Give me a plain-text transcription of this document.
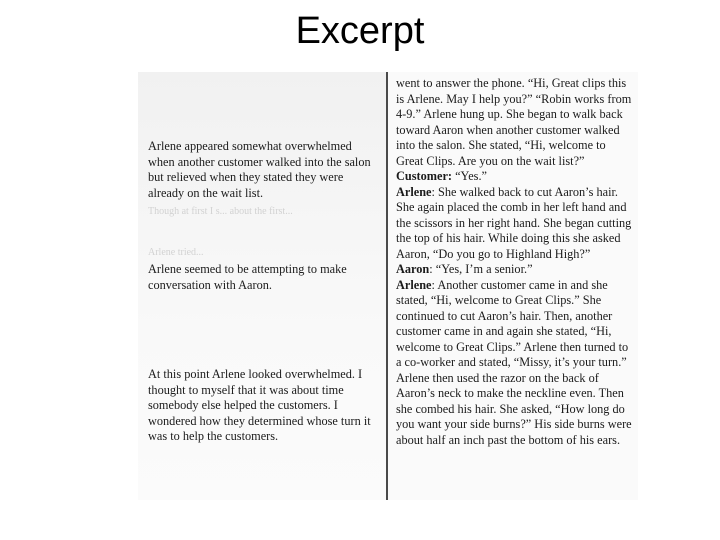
Excerpt

Arlene appeared somewhat overwhelmed when another customer walked into the salon but relieved when they stated they were already on the wait list.

Though at first I s... about the first...

Arlene tried...

Arlene seemed to be attempting to make conversation with Aaron.

At this point Arlene looked overwhelmed. I thought to myself that it was about time somebody else helped the customers. I wondered how they determined whose turn it was to help the customers.

went to answer the phone. “Hi, Great clips this is Arlene. May I help you?” “Robin works from 4-9.” Arlene hung up. She began to walk back toward Aaron when another customer walked into the salon. She stated, “Hi, welcome to Great Clips. Are you on the wait list?”

Customer: “Yes.”

Arlene: She walked back to cut Aaron’s hair. She again placed the comb in her left hand and the scissors in her right hand. She began cutting the top of his hair. While doing this she asked Aaron, “Do you go to Highland High?”

Aaron: “Yes, I’m a senior.”

Arlene: Another customer came in and she stated, “Hi, welcome to Great Clips.” She continued to cut Aaron’s hair. Then, another customer came in and again she stated, “Hi, welcome to Great Clips.” Arlene then turned to a co-worker and stated, “Missy, it’s your turn.” Arlene then used the razor on the back of Aaron’s neck to make the neckline even. Then she combed his hair. She asked, “How long do you want your side burns?” His side burns were about half an inch past the bottom of his ears.
